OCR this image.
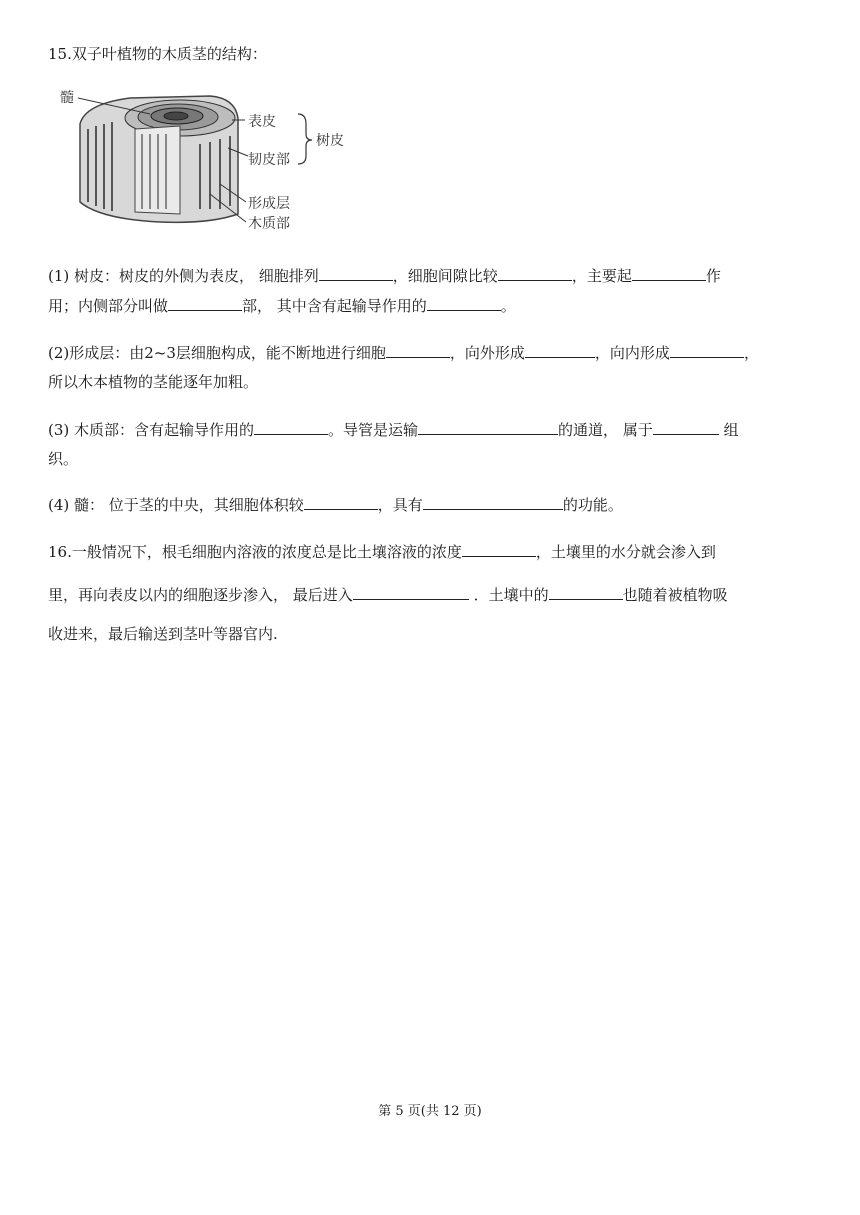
15.双子叶植物的木质茎的结构：
髓
表皮
韧皮部
树皮
形成层
木质部
(1) 树皮：树皮的外侧为表皮， 细胞排列	，细胞间隙比较	，主要起	作
用；内侧部分叫做	部， 其中含有起输导作用的	。
(2)形成层：由2~3层细胞构成，能不断地进行细胞	，向外形成	，向内形成	，
所以木本植物的茎能逐年加粗。
(3) 木质部：含有起输导作用的	。导管是运输	的通道， 属于	组
织。
(4) 髓： 位于茎的中央，其细胞体积较	，具有	的功能。
16.一般情况下，根毛细胞内溶液的浓度总是比土壤溶液的浓度	，土壤里的水分就会渗入到
里，再向表皮以内的细胞逐步渗入， 最后进入	．土壤中的	也随着被植物吸
收进来，最后输送到茎叶等器官内.
第 5 页(共 12 页)
